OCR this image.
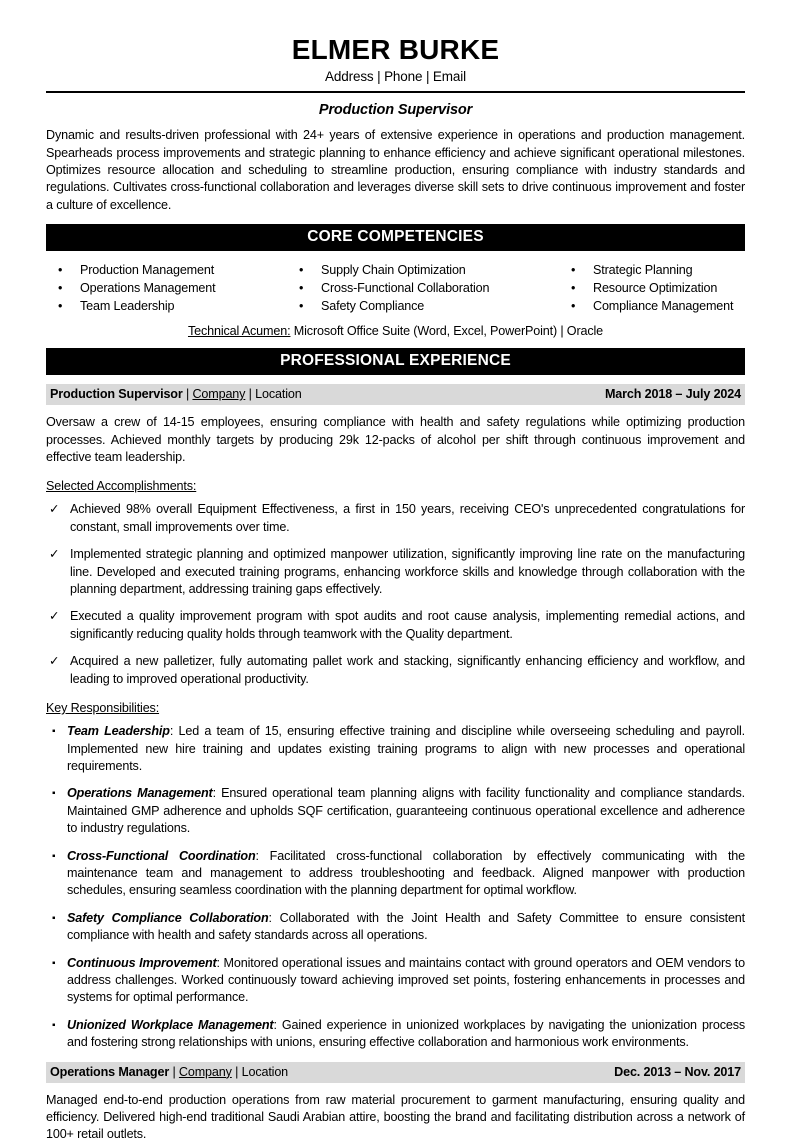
ELMER BURKE
Address | Phone | Email
Production Supervisor
Dynamic and results-driven professional with 24+ years of extensive experience in operations and production management. Spearheads process improvements and strategic planning to enhance efficiency and achieve significant operational milestones. Optimizes resource allocation and scheduling to streamline production, ensuring compliance with industry standards and regulations. Cultivates cross-functional collaboration and leverages diverse skill sets to drive continuous improvement and foster a culture of excellence.
CORE COMPETENCIES
•	Production Management
•	Operations Management
•	Team Leadership
•	Supply Chain Optimization
•	Cross-Functional Collaboration
•	Safety Compliance
•	Strategic Planning
•	Resource Optimization
•	Compliance Management
Technical Acumen: Microsoft Office Suite (Word, Excel, PowerPoint) | Oracle
PROFESSIONAL EXPERIENCE
Production Supervisor | Company | Location	March 2018 – July 2024
Oversaw a crew of 14-15 employees, ensuring compliance with health and safety regulations while optimizing production processes. Achieved monthly targets by producing 29k 12-packs of alcohol per shift through continuous improvement and effective team leadership.
Selected Accomplishments:
✓ Achieved 98% overall Equipment Effectiveness, a first in 150 years, receiving CEO's unprecedented congratulations for constant, small improvements over time.
✓ Implemented strategic planning and optimized manpower utilization, significantly improving line rate on the manufacturing line. Developed and executed training programs, enhancing workforce skills and knowledge through collaboration with the planning department, addressing training gaps effectively.
✓ Executed a quality improvement program with spot audits and root cause analysis, implementing remedial actions, and significantly reducing quality holds through teamwork with the Quality department.
✓ Acquired a new palletizer, fully automating pallet work and stacking, significantly enhancing efficiency and workflow, and leading to improved operational productivity.
Key Responsibilities:
▪ Team Leadership: Led a team of 15, ensuring effective training and discipline while overseeing scheduling and payroll. Implemented new hire training and updates existing training programs to align with new processes and operational requirements.
▪ Operations Management: Ensured operational team planning aligns with facility functionality and compliance standards. Maintained GMP adherence and upholds SQF certification, guaranteeing continuous operational excellence and adherence to industry regulations.
▪ Cross-Functional Coordination: Facilitated cross-functional collaboration by effectively communicating with the maintenance team and management to address troubleshooting and feedback. Aligned manpower with production schedules, ensuring seamless coordination with the planning department for optimal workflow.
▪ Safety Compliance Collaboration: Collaborated with the Joint Health and Safety Committee to ensure consistent compliance with health and safety standards across all operations.
▪ Continuous Improvement: Monitored operational issues and maintains contact with ground operators and OEM vendors to address challenges. Worked continuously toward achieving improved set points, fostering enhancements in processes and systems for optimal performance.
▪ Unionized Workplace Management: Gained experience in unionized workplaces by navigating the unionization process and fostering strong relationships with unions, ensuring effective collaboration and harmonious work environments.
Operations Manager | Company | Location	Dec. 2013 – Nov. 2017
Managed end-to-end production operations from raw material procurement to garment manufacturing, ensuring quality and efficiency. Delivered high-end traditional Saudi Arabian attire, boosting the brand and facilitating distribution across a network of 100+ retail outlets.
